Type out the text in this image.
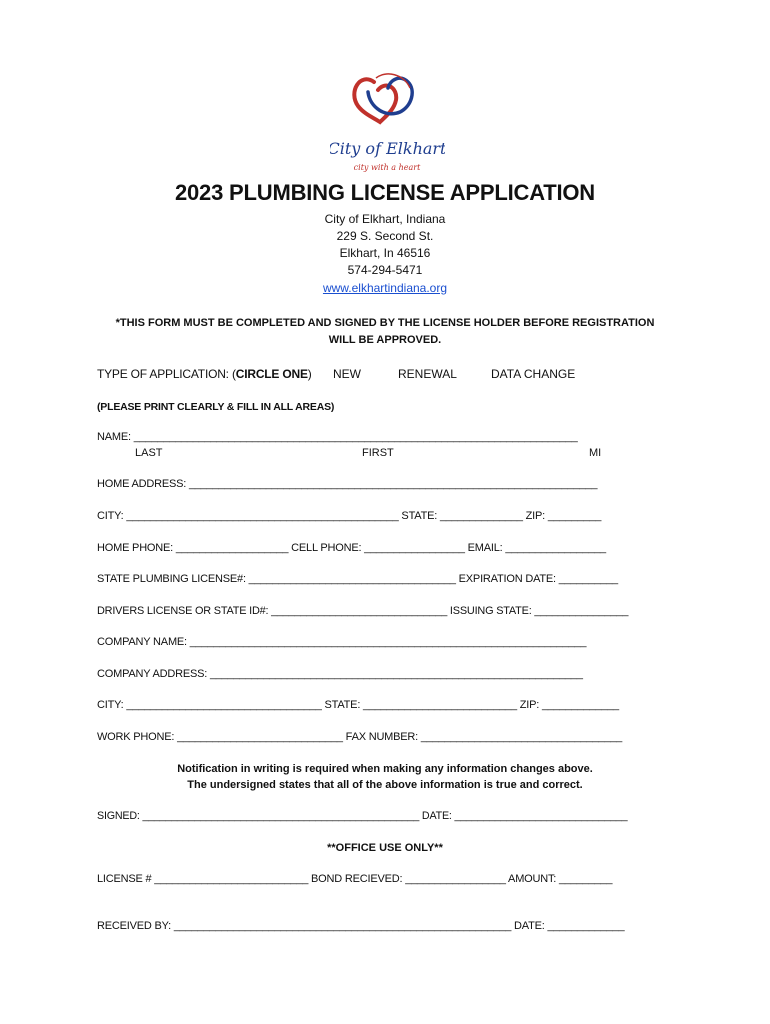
City of Elkhart
city with a heart
2023 PLUMBING LICENSE APPLICATION
City of Elkhart, Indiana
229 S. Second St.
Elkhart, In 46516
574-294-5471
www.elkhartindiana.org
*THIS FORM MUST BE COMPLETED AND SIGNED BY THE LICENSE HOLDER BEFORE REGISTRATION
WILL BE APPROVED.
TYPE OF APPLICATION: (CIRCLE ONE) NEW	RENEWAL	DATA CHANGE
(PLEASE PRINT CLEARLY & FILL IN ALL AREAS)
NAME: ___________________________________________________________________________
LAST	FIRST	MI
HOME ADDRESS: _____________________________________________________________________
CITY: ______________________________________________ STATE: ______________ ZIP: _________
HOME PHONE: ___________________ CELL PHONE: _________________ EMAIL: _________________
STATE PLUMBING LICENSE#: ___________________________________ EXPIRATION DATE: __________
DRIVERS LICENSE OR STATE ID#: ______________________________ ISSUING STATE: ________________
COMPANY NAME: ___________________________________________________________________
COMPANY ADDRESS: _______________________________________________________________
CITY: _________________________________ STATE: __________________________ ZIP: _____________
WORK PHONE: ____________________________ FAX NUMBER: __________________________________
Notification in writing is required when making any information changes above.
The undersigned states that all of the above information is true and correct.
SIGNED: ________________________________________________ DATE: ______________________________
**OFFICE USE ONLY**
LICENSE # __________________________ BOND RECIEVED: _________________ AMOUNT: _________
RECEIVED BY: _________________________________________________________ DATE: _____________
